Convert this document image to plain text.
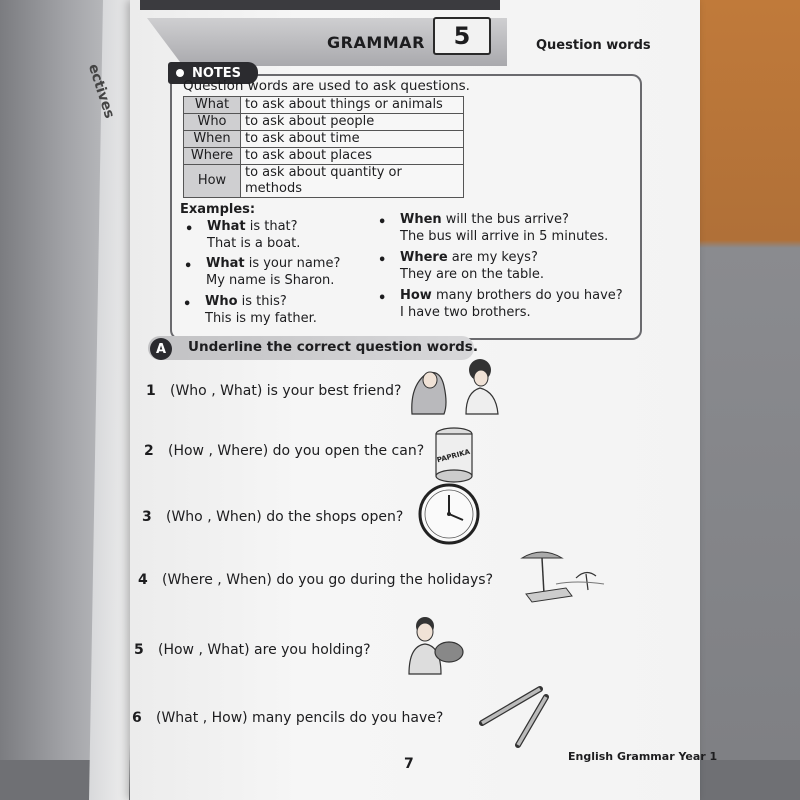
ectives
GRAMMAR	5	Question words
NOTES
Question words are used to ask questions.
What	to ask about things or animals
Who	to ask about people
When	to ask about time
Where	to ask about places
How	to ask about quantity or methods
Examples:
• What is that?
That is a boat.
• What is your name?
My name is Sharon.
• Who is this?
This is my father.
• When will the bus arrive?
The bus will arrive in 5 minutes.
• Where are my keys?
They are on the table.
• How many brothers do you have?
I have two brothers.
A	Underline the correct question words.
1 (Who , What) is your best friend?
2 (How , Where) do you open the can?
3 (Who , When) do the shops open?
4 (Where , When) do you go during the holidays?
5 (How , What) are you holding?
6 (What , How) many pencils do you have?
PAPRIKA
7	English Grammar Year 1
